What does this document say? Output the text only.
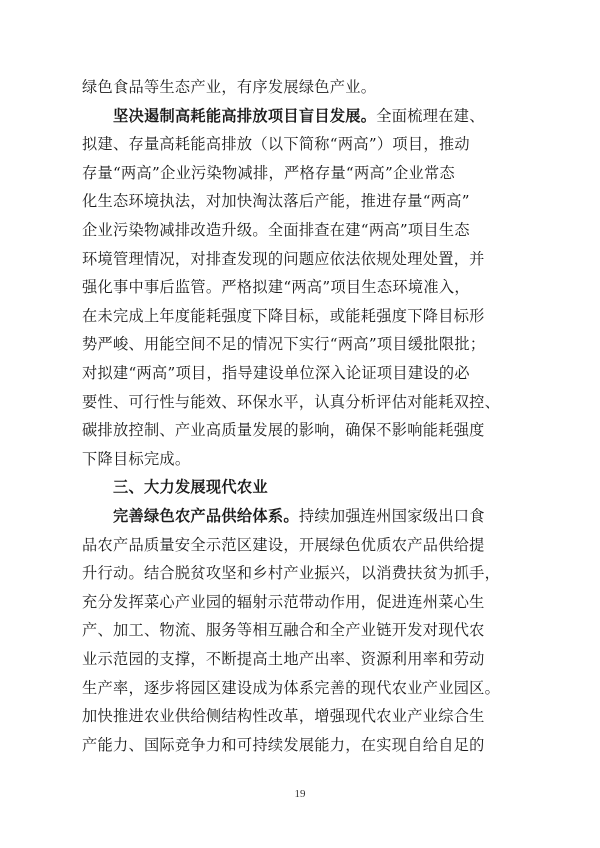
绿色食品等生态产业，有序发展绿色产业。
坚决遏制高耗能高排放项目盲目发展。全面梳理在建、
拟建、存量高耗能高排放（以下简称“两高”）项目，推动
存量“两高”企业污染物减排，严格存量“两高”企业常态
化生态环境执法，对加快淘汰落后产能，推进存量“两高”
企业污染物减排改造升级。全面排查在建“两高”项目生态
环境管理情况，对排查发现的问题应依法依规处理处置，并
强化事中事后监管。严格拟建“两高”项目生态环境准入，
在未完成上年度能耗强度下降目标，或能耗强度下降目标形
势严峻、用能空间不足的情况下实行“两高”项目缓批限批；
对拟建“两高”项目，指导建设单位深入论证项目建设的必
要性、可行性与能效、环保水平，认真分析评估对能耗双控、
碳排放控制、产业高质量发展的影响，确保不影响能耗强度
下降目标完成。
三、大力发展现代农业
完善绿色农产品供给体系。持续加强连州国家级出口食
品农产品质量安全示范区建设，开展绿色优质农产品供给提
升行动。结合脱贫攻坚和乡村产业振兴，以消费扶贫为抓手，
充分发挥菜心产业园的辐射示范带动作用，促进连州菜心生
产、加工、物流、服务等相互融合和全产业链开发对现代农
业示范园的支撑，不断提高土地产出率、资源利用率和劳动
生产率，逐步将园区建设成为体系完善的现代农业产业园区。
加快推进农业供给侧结构性改革，增强现代农业产业综合生
产能力、国际竞争力和可持续发展能力，在实现自给自足的
19
